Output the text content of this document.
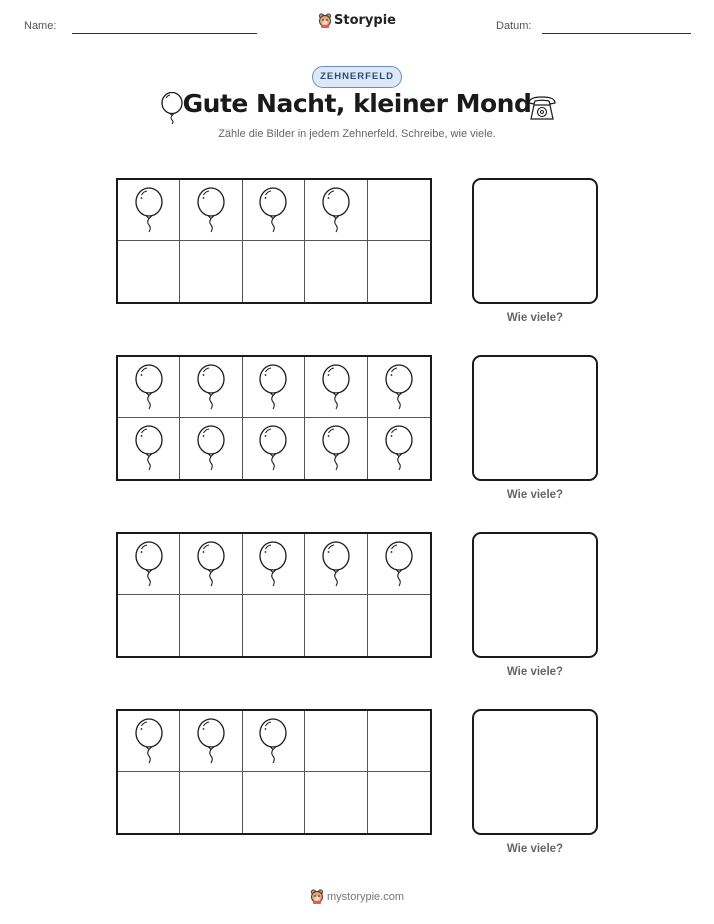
Name:	Storypie	Datum:
ZEHNERFELD
Gute Nacht, kleiner Mond
Zähle die Bilder in jedem Zehnerfeld. Schreibe, wie viele.
Wie viele?
Wie viele?
Wie viele?
Wie viele?
mystorypie.com
